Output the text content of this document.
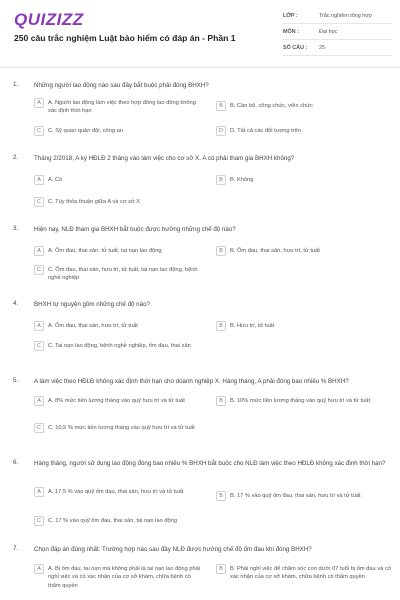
QUIZIZZ
250 câu trắc nghiệm Luật bảo hiểm có đáp án - Phần 1
LỚP :	Trắc nghiệm tổng hợp
MÔN :	Đại học
SỐ CÂU :	25
1.	Những người lao động nào sau đây bắt buộc phải đóng BHXH?
A	A. Người lao động làm việc theo hợp đồng lao động không xác định thời hạn
B	B. Cán bộ, công chức, viên chức
C	C. Sỹ quan quân đội, công an	D	D. Tất cả các đối tượng trên
2.	Tháng 2/2018, A ký HĐLĐ 2 tháng vào làm việc cho cơ sở X. A có phải tham gia BHXH không?
A	A. Có	B	B. Không
C	C. Tùy thỏa thuận giữa A và cơ sở X
3.	Hiện nay, NLĐ tham gia BHXH bắt buộc được hưởng những chế độ nào?
A	A. Ốm đau, thai sản, tử tuất, tai nạn lao động	B	B. Ốm đau, thai sản, hưu trí, tử tuất
C	C. Ốm đau, thai sản, hưu trí, tử tuất, tai nạn lao động, bệnh nghề nghiệp
4.	BHXH tự nguyện gồm những chế độ nào?
A	A. Ốm đau, thai sản, hưu trí, tử tuất	B	B. Hưu trí, tử tuất
C	C. Tai nạn lao động, bệnh nghề nghiệp, ốm đau, thai sản
5.	A làm việc theo HĐLĐ không xác định thời hạn cho doanh nghiệp X. Hàng tháng, A phải đóng bao nhiêu % BHXH?
A	A. 8% mức tiền lương tháng vào quỹ hưu trí và tử tuất	B	B. 10% mức tiền lương tháng vào quỹ hưu trí và tử tuất
C	C. 10,5 % mức tiền lương tháng vào quỹ hưu trí và tử tuất
6.	Hàng tháng, người sử dụng lao động đóng bao nhiêu % BHXH bắt buộc cho NLĐ làm việc theo HĐLĐ không xác định thời hạn?
A	A. 17,5 % vào quỹ ốm đau, thai sản, hưu trí và tử tuất
B	B. 17 % vào quỹ ốm đau, thai sản, hưu trí và tử tuất
C	C. 17 % vào quỹ ốm đau, thai sản, tai nạn lao động
7.	Chọn đáp án đúng nhất: Trường hợp nào sau đây NLĐ được hưởng chế độ ốm đau khi đóng BHXH?
A	A. Bị ốm đau, tai nạn mà không phải là tai nạn lao động phải nghỉ việc và có xác nhận của cơ sở khám, chữa bệnh có thẩm quyền
B	B. Phải nghỉ việc để chăm sóc con dưới 07 tuổi bị ốm đau và có xác nhận của cơ sở khám, chữa bệnh có thẩm quyền
